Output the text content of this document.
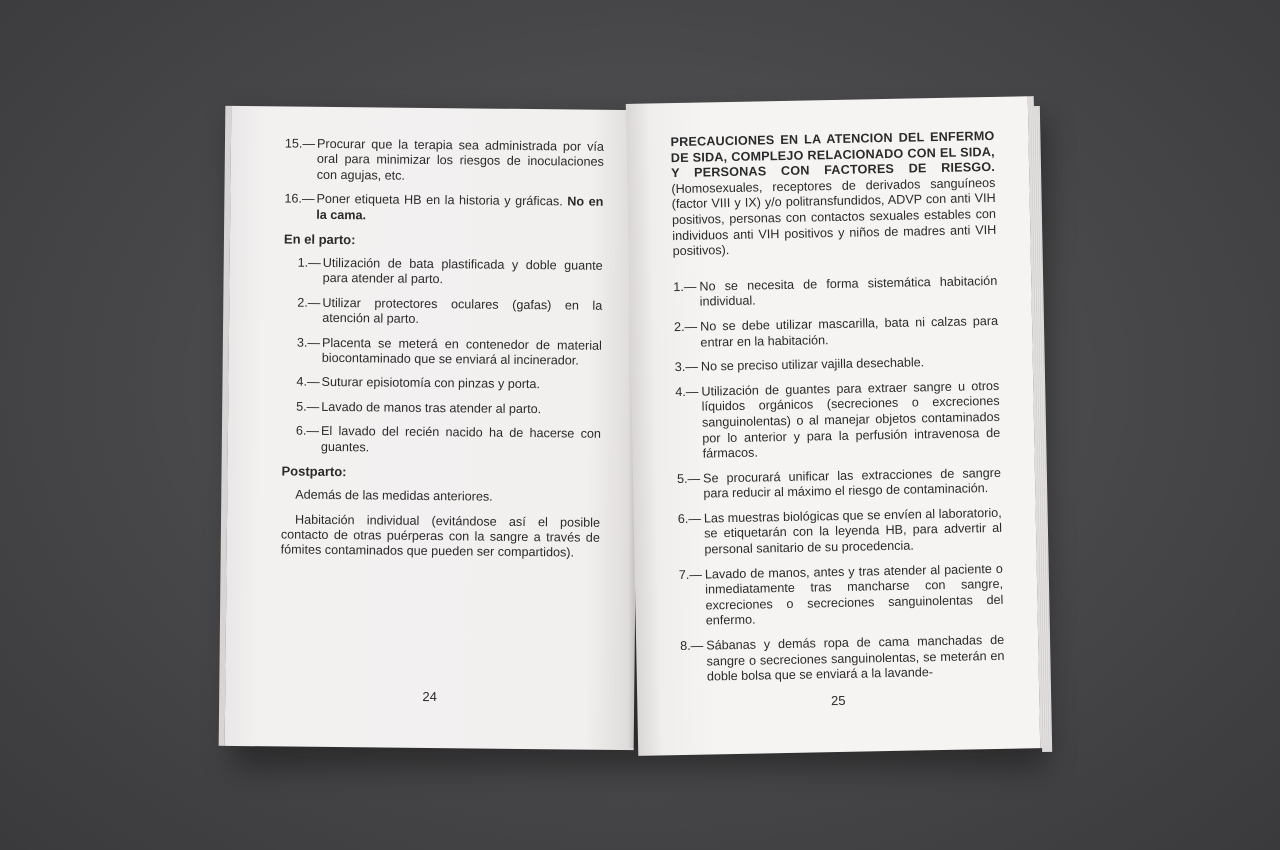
15.— Procurar que la terapia sea administrada por vía oral para minimizar los riesgos de inoculaciones con agujas, etc.
16.— Poner etiqueta HB en la historia y gráficas. No en la cama.
En el parto:
1.— Utilización de bata plastificada y doble guante para atender al parto.
2.— Utilizar protectores oculares (gafas) en la atención al parto.
3.— Placenta se meterá en contenedor de material biocontaminado que se enviará al incinerador.
4.— Suturar episiotomía con pinzas y porta.
5.— Lavado de manos tras atender al parto.
6.— El lavado del recién nacido ha de hacerse con guantes.
Postparto:

Además de las medidas anteriores.

Habitación individual (evitándose así el posible contacto de otras puérperas con la sangre a través de fómites contaminados que pueden ser compartidos).

24

PRECAUCIONES EN LA ATENCION DEL ENFERMO DE SIDA, COMPLEJO RELACIONADO CON EL SIDA, Y PERSONAS CON FACTORES DE RIESGO. (Homosexuales, receptores de derivados sanguíneos (factor VIII y IX) y/o politransfundidos, ADVP con anti VIH positivos, personas con contactos sexuales estables con individuos anti VIH positivos y niños de madres anti VIH positivos).

1.— No se necesita de forma sistemática habitación individual.
2.— No se debe utilizar mascarilla, bata ni calzas para entrar en la habitación.
3.— No se preciso utilizar vajilla desechable.
4.— Utilización de guantes para extraer sangre u otros líquidos orgánicos (secreciones o excreciones sanguinolentas) o al manejar objetos contaminados por lo anterior y para la perfusión intravenosa de fármacos.
5.— Se procurará unificar las extracciones de sangre para reducir al máximo el riesgo de contaminación.
6.— Las muestras biológicas que se envíen al laboratorio, se etiquetarán con la leyenda HB, para advertir al personal sanitario de su procedencia.
7.— Lavado de manos, antes y tras atender al paciente o inmediatamente tras mancharse con sangre, excreciones o secreciones sanguinolentas del enfermo.
8.— Sábanas y demás ropa de cama manchadas de sangre o secreciones sanguinolentas, se meterán en doble bolsa que se enviará a la lavande-
25
